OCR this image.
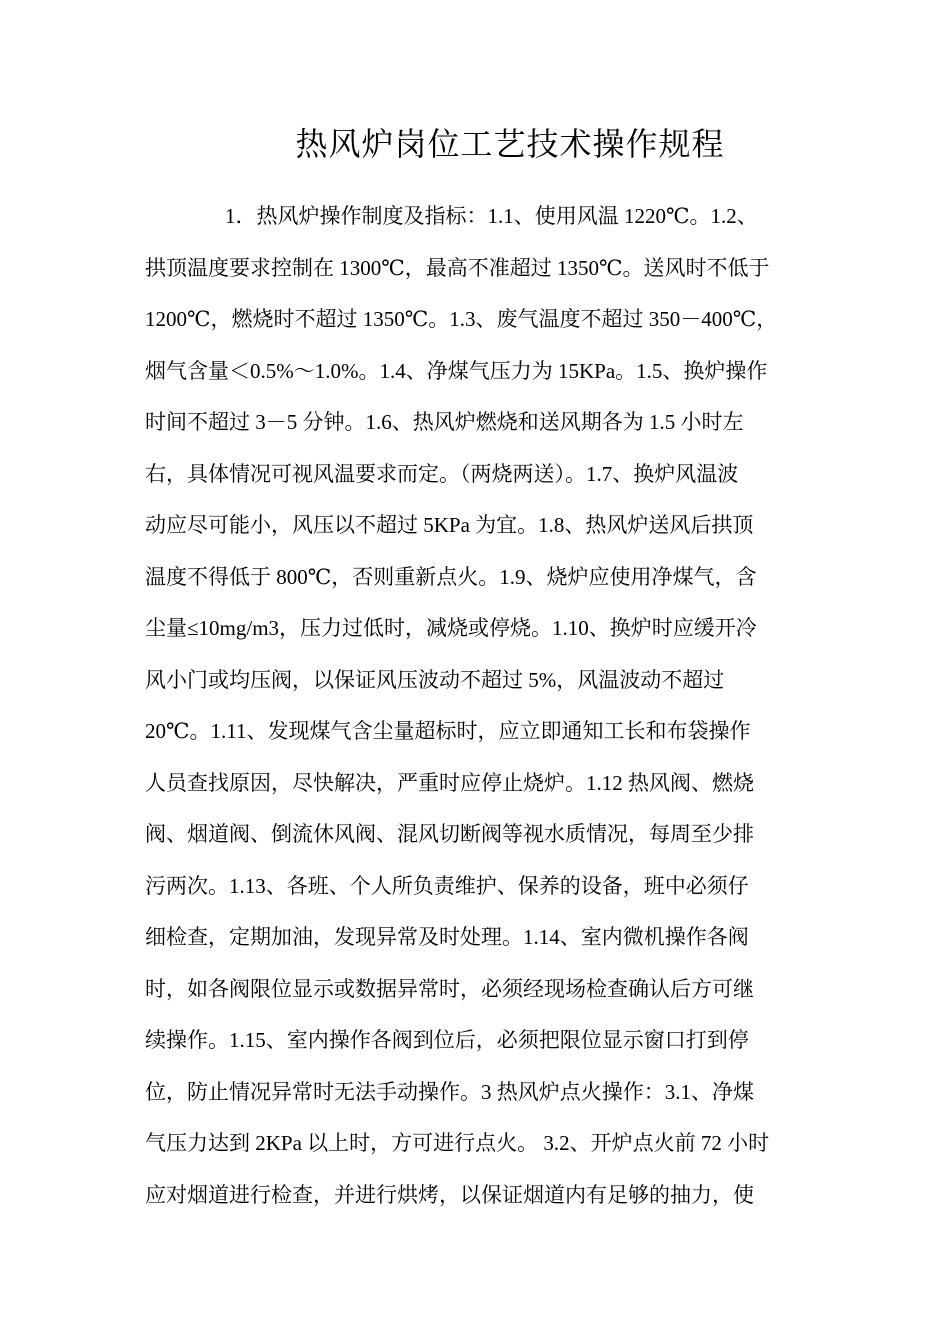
热风炉岗位工艺技术操作规程
1．热风炉操作制度及指标：1.1、使用风温 1220℃。1.2、
拱顶温度要求控制在 1300℃，最高不准超过 1350℃。送风时不低于
1200℃，燃烧时不超过 1350℃。1.3、废气温度不超过 350－400℃，
烟气含量＜0.5%～1.0%。1.4、净煤气压力为 15KPa。1.5、换炉操作
时间不超过 3－5 分钟。1.6、热风炉燃烧和送风期各为 1.5 小时左
右，具体情况可视风温要求而定。（两烧两送）。1.7、换炉风温波
动应尽可能小，风压以不超过 5KPa 为宜。1.8、热风炉送风后拱顶
温度不得低于 800℃，否则重新点火。1.9、烧炉应使用净煤气，含
尘量≤10mg/m3，压力过低时，减烧或停烧。1.10、换炉时应缓开冷
风小门或均压阀，以保证风压波动不超过 5%，风温波动不超过
20℃。1.11、发现煤气含尘量超标时，应立即通知工长和布袋操作
人员查找原因，尽快解决，严重时应停止烧炉。1.12 热风阀、燃烧
阀、烟道阀、倒流休风阀、混风切断阀等视水质情况，每周至少排
污两次。1.13、各班、个人所负责维护、保养的设备，班中必须仔
细检查，定期加油，发现异常及时处理。1.14、室内微机操作各阀
时，如各阀限位显示或数据异常时，必须经现场检查确认后方可继
续操作。1.15、室内操作各阀到位后，必须把限位显示窗口打到停
位，防止情况异常时无法手动操作。3 热风炉点火操作：3.1、净煤
气压力达到 2KPa 以上时，方可进行点火。 3.2、开炉点火前 72 小时
应对烟道进行检查，并进行烘烤，以保证烟道内有足够的抽力，使
